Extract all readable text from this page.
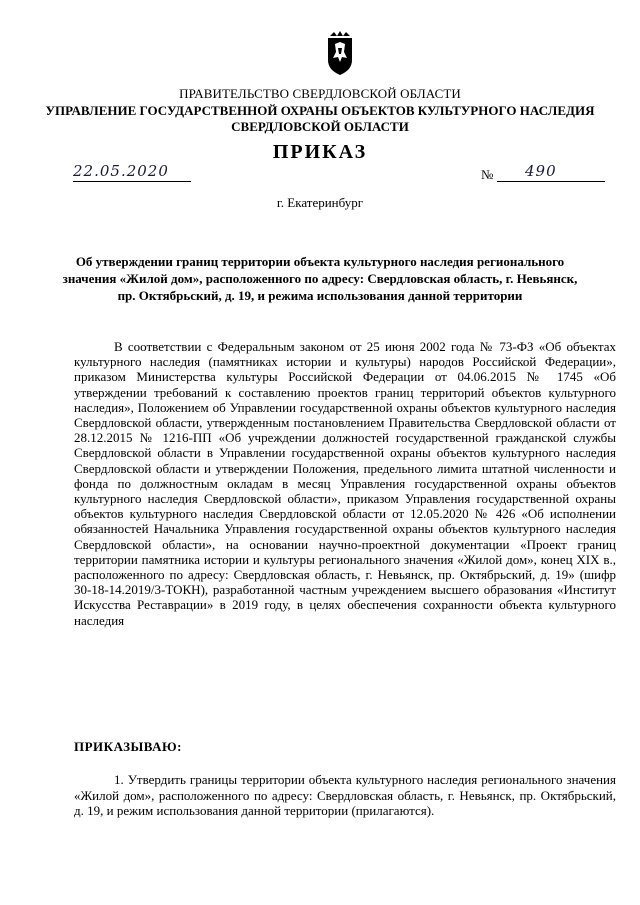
ПРАВИТЕЛЬСТВО СВЕРДЛОВСКОЙ ОБЛАСТИ
УПРАВЛЕНИЕ ГОСУДАРСТВЕННОЙ ОХРАНЫ ОБЪЕКТОВ КУЛЬТУРНОГО НАСЛЕДИЯ
СВЕРДЛОВСКОЙ ОБЛАСТИ
ПРИКАЗ
22.05.2020	№ 490
г. Екатеринбург
Об утверждении границ территории объекта культурного наследия регионального значения «Жилой дом», расположенного по адресу: Свердловская область, г. Невьянск, пр. Октябрьский, д. 19, и режима использования данной территории
В соответствии с Федеральным законом от 25 июня 2002 года № 73-ФЗ «Об объектах культурного наследия (памятниках истории и культуры) народов Российской Федерации», приказом Министерства культуры Российской Федерации от 04.06.2015 № 1745 «Об утверждении требований к составлению проектов границ территорий объектов культурного наследия», Положением об Управлении государственной охраны объектов культурного наследия Свердловской области, утвержденным постановлением Правительства Свердловской области от 28.12.2015 № 1216-ПП «Об учреждении должностей государственной гражданской службы Свердловской области в Управлении государственной охраны объектов культурного наследия Свердловской области и утверждении Положения, предельного лимита штатной численности и фонда по должностным окладам в месяц Управления государственной охраны объектов культурного наследия Свердловской области», приказом Управления государственной охраны объектов культурного наследия Свердловской области от 12.05.2020 № 426 «Об исполнении обязанностей Начальника Управления государственной охраны объектов культурного наследия Свердловской области», на основании научно-проектной документации «Проект границ территории памятника истории и культуры регионального значения «Жилой дом», конец XIX в., расположенного по адресу: Свердловская область, г. Невьянск, пр. Октябрьский, д. 19» (шифр 30-18-14.2019/3-ТОКН), разработанной частным учреждением высшего образования «Институт Искусства Реставрации» в 2019 году, в целях обеспечения сохранности объекта культурного наследия
ПРИКАЗЫВАЮ:
1. Утвердить границы территории объекта культурного наследия регионального значения «Жилой дом», расположенного по адресу: Свердловская область, г. Невьянск, пр. Октябрьский, д. 19, и режим использования данной территории (прилагаются).
